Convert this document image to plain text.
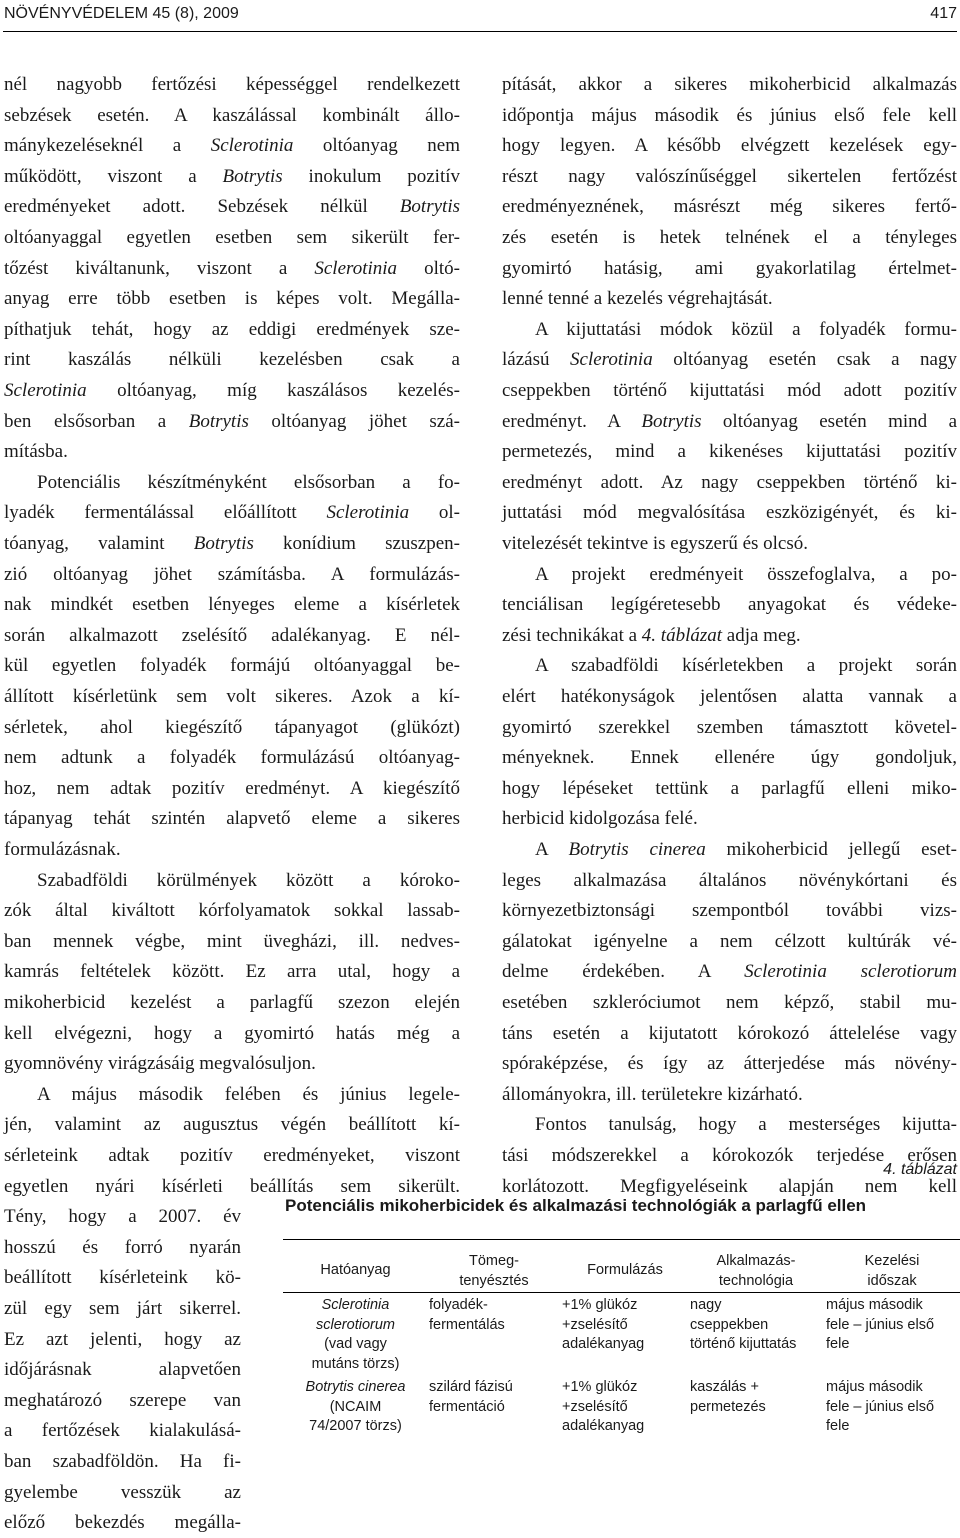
NÖVÉNYVÉDELEM 45 (8), 2009	417
nél nagyobb fertőzési képességgel rendelkezett
sebzések esetén. A kaszálással kombinált állo-
mánykezeléseknél a Sclerotinia oltóanyag nem
működött, viszont a Botrytis inokulum pozitív
eredményeket adott. Sebzések nélkül Botrytis
oltóanyaggal egyetlen esetben sem sikerült fer-
tőzést kiváltanunk, viszont a Sclerotinia oltó-
anyag erre több esetben is képes volt. Megálla-
píthatjuk tehát, hogy az eddigi eredmények sze-
rint kaszálás nélküli kezelésben csak a
Sclerotinia oltóanyag, míg kaszálásos kezelés-
ben elsősorban a Botrytis oltóanyag jöhet szá-
mításba.
Potenciális készítményként elsősorban a fo-
lyadék fermentálással előállított Sclerotinia ol-
tóanyag, valamint Botrytis konídium szuszpen-
zió oltóanyag jöhet számításba. A formulázás-
nak mindkét esetben lényeges eleme a kísérletek
során alkalmazott zselésítő adalékanyag. E nél-
kül egyetlen folyadék formájú oltóanyaggal be-
állított kísérletünk sem volt sikeres. Azok a kí-
sérletek, ahol kiegészítő tápanyagot (glükózt)
nem adtunk a folyadék formulázású oltóanyag-
hoz, nem adtak pozitív eredményt. A kiegészítő
tápanyag tehát szintén alapvető eleme a sikeres
formulázásnak.
Szabadföldi körülmények között a kóroko-
zók által kiváltott kórfolyamatok sokkal lassab-
ban mennek végbe, mint üvegházi, ill. nedves-
kamrás feltételek között. Ez arra utal, hogy a
mikoherbicid kezelést a parlagfű szezon elején
kell elvégezni, hogy a gyomirtó hatás még a
gyomnövény virágzásáig megvalósuljon.
A május második felében és június legele-
jén, valamint az augusztus végén beállított kí-
sérleteink adtak pozitív eredményeket, viszont
egyetlen nyári kísérleti beállítás sem sikerült.
Tény, hogy a 2007. év
hosszú és forró nyarán
beállított kísérleteink kö-
zül egy sem járt sikerrel.
Ez azt jelenti, hogy az
időjárásnak alapvetően
meghatározó szerepe van
a fertőzések kialakulásá-
ban szabadföldön. Ha fi-
gyelembe vesszük az
előző bekezdés megálla-
pítását, akkor a sikeres mikoherbicid alkalmazás
időpontja május második és június első fele kell
hogy legyen. A később elvégzett kezelések egy-
részt nagy valószínűséggel sikertelen fertőzést
eredményeznének, másrészt még sikeres fertő-
zés esetén is hetek telnének el a tényleges
gyomirtó hatásig, ami gyakorlatilag értelmet-
lenné tenné a kezelés végrehajtását.
A kijuttatási módok közül a folyadék formu-
lázású Sclerotinia oltóanyag esetén csak a nagy
cseppekben történő kijuttatási mód adott pozitív
eredményt. A Botrytis oltóanyag esetén mind a
permetezés, mind a kikenéses kijuttatási pozitív
eredményt adott. Az nagy cseppekben történő ki-
juttatási mód megvalósítása eszközigényét, és ki-
vitelezését tekintve is egyszerű és olcsó.
A projekt eredményeit összefoglalva, a po-
tenciálisan legígéretesebb anyagokat és védeke-
zési technikákat a 4. táblázat adja meg.
A szabadföldi kísérletekben a projekt során
elért hatékonyságok jelentősen alatta vannak a
gyomirtó szerekkel szemben támasztott követel-
ményeknek. Ennek ellenére úgy gondoljuk,
hogy lépéseket tettünk a parlagfű elleni miko-
herbicid kidolgozása felé.
A Botrytis cinerea mikoherbicid jellegű eset-
leges alkalmazása általános növénykórtani és
környezetbiztonsági szempontból további vizs-
gálatokat igényelne a nem célzott kultúrák vé-
delme érdekében. A Sclerotinia sclerotiorum
esetében szkleróciumot nem képző, stabil mu-
táns esetén a kijutatott kórokozó áttelelése vagy
spóraképzése, és így az átterjedése más növény-
állományokra, ill. területekre kizárható.
Fontos tanulság, hogy a mesterséges kijutta-
tási módszerekkel a kórokozók terjedése erősen
korlátozott. Megfigyeléseink alapján nem kell
4. táblázat
Potenciális mikoherbicidek és alkalmazási technológiák a parlagfű ellen
Hatóanyag
Tömeg-
tenyésztés
Formulázás
Alkalmazás-
technológia
Kezelési
időszak
Sclerotinia
sclerotiorum
(vad vagy
mutáns törzs)
folyadék-
fermentálás
+1% glükóz
+zselésítő
adalékanyag
nagy
cseppekben
történő kijuttatás
május második
fele – június első
fele
Botrytis cinerea
(NCAIM
74/2007 törzs)
szilárd fázisú
fermentáció
+1% glükóz
+zselésítő
adalékanyag
kaszálás +
permetezés
május második
fele – június első
fele
